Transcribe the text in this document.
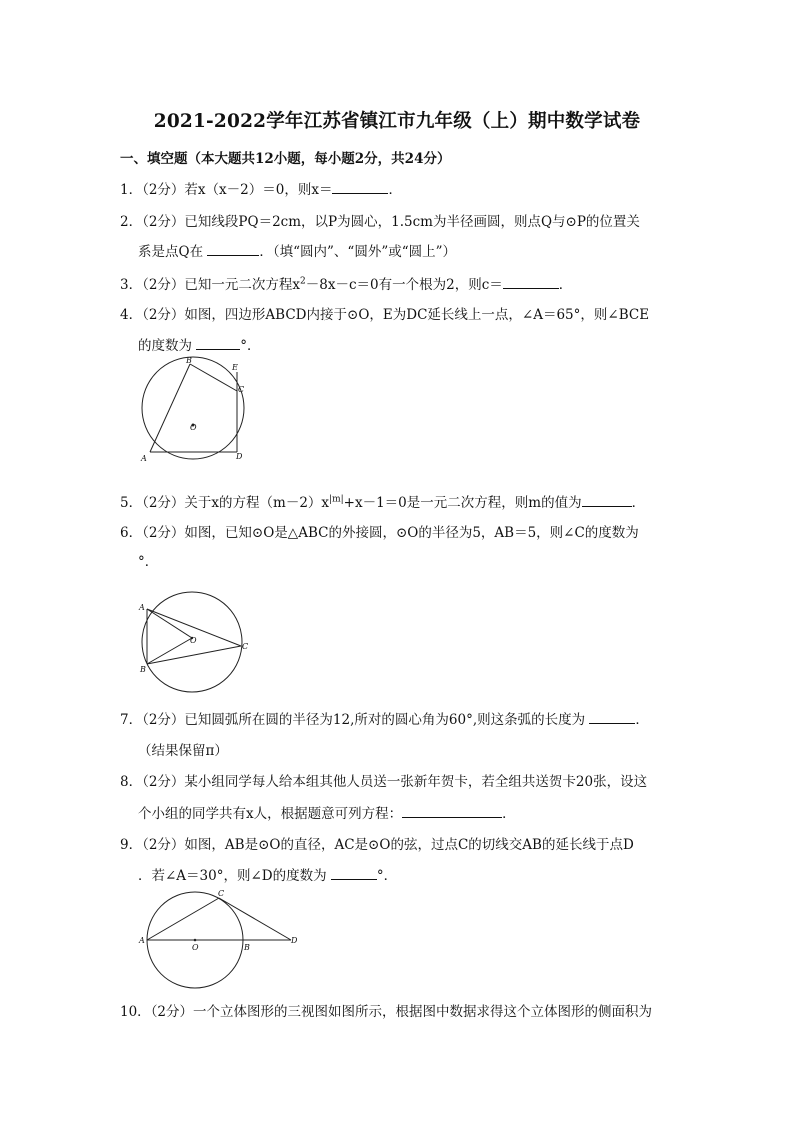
2021-2022学年江苏省镇江市九年级（上）期中数学试卷
一、填空题（本大题共12小题，每小题2分，共24分）
1．（2分）若x（x－2）＝0，则x＝	．
2．（2分）已知线段PQ＝2cm，以P为圆心，1.5cm为半径画圆，则点Q与⊙P的位置关
系是点Q在	．（填“圆内”、“圆外”或“圆上”）
3．（2分）已知一元二次方程$x^2-8x-c=0$有一个根为2，则c＝	．
4．（2分）如图，四边形ABCD内接于⊙O，E为DC延长线上一点，∠A＝65°，则∠BCE
的度数为	°．
B
E
C
O
A	D
5．（2分）关于x的方程$(m-2)x^{|m|}+x-1=0$是一元二次方程，则m的值为	．
6．（2分）如图，已知⊙O是△ABC的外接圆，⊙O的半径为5，AB＝5，则∠C的度数为
°．
A
O
C
B
7．（2分）已知圆弧所在圆的半径为12,所对的圆心角为60°,则这条弧的长度为	．
（结果保留π）
8．（2分）某小组同学每人给本组其他人员送一张新年贺卡，若全组共送贺卡20张，设这
个小组的同学共有x人，根据题意可列方程：	．
9．（2分）如图，AB是⊙O的直径，AC是⊙O的弦，过点C的切线交AB的延长线于点D
．若∠A＝30°，则∠D的度数为	°．
C
A
O	B
D
10．（2分）一个立体图形的三视图如图所示，根据图中数据求得这个立体图形的侧面积为
